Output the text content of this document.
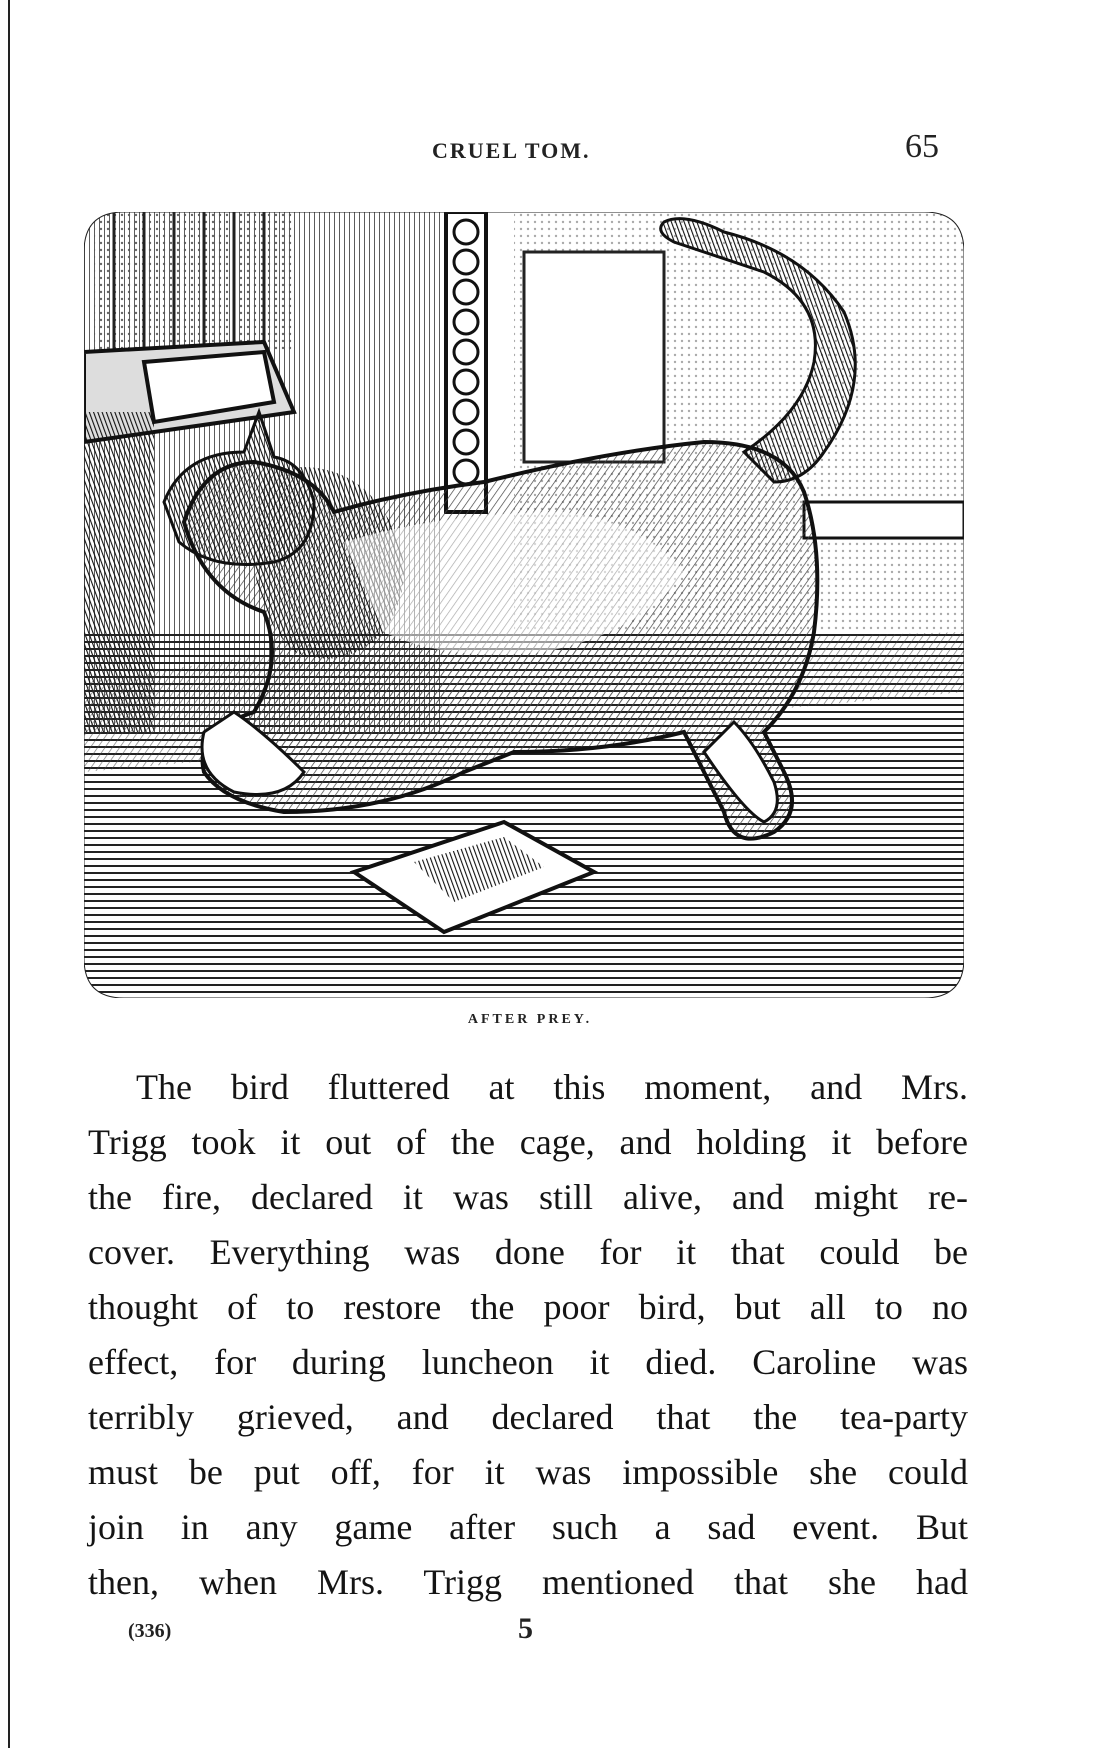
CRUEL TOM.	65
AFTER PREY.
The bird fluttered at this moment, and Mrs.
Trigg took it out of the cage, and holding it before
the fire, declared it was still alive, and might re-
cover. Everything was done for it that could be
thought of to restore the poor bird, but all to no
effect, for during luncheon it died. Caroline was
terribly grieved, and declared that the tea-party
must be put off, for it was impossible she could
join in any game after such a sad event. But
then, when Mrs. Trigg mentioned that she had
(336)	5
